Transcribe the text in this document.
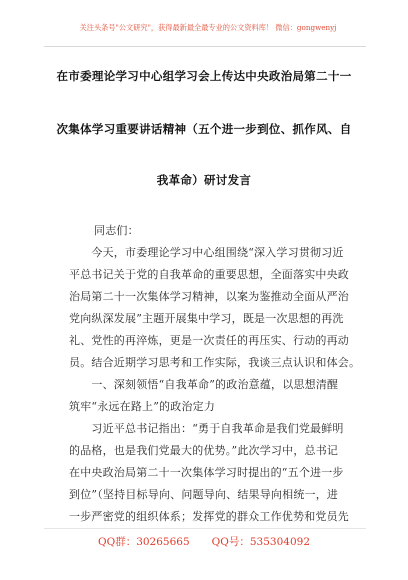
关注头条号"公文研究"，获得最新最全最专业的公文资料库！ 微信：gongwenyj
在市委理论学习中心组学习会上传达中央政治局第二十一
次集体学习重要讲话精神（五个进一步到位、抓作风、自
我革命）研讨发言
同志们：
　　今天，市委理论学习中心组围绕“深入学习贯彻习近
平总书记关于党的自我革命的重要思想，全面落实中央政
治局第二十一次集体学习精神，以案为鉴推动全面从严治
党向纵深发展”主题开展集中学习，既是一次思想的再洗
礼、党性的再淬炼，更是一次责任的再压实、行动的再动
员。结合近期学习思考和工作实际，我谈三点认识和体会。
　　一、深刻领悟“自我革命”的政治意蕴，以思想清醒
筑牢“永远在路上”的政治定力
　　习近平总书记指出：“勇于自我革命是我们党最鲜明
的品格，也是我们党最大的优势。”此次学习中，总书记
在中央政治局第二十一次集体学习时提出的“五个进一步
到位”（坚持目标导向、问题导向、结果导向相统一，进
一步严密党的组织体系；发挥党的群众工作优势和党员先
QQ群：30265665 QQ号：535304092
